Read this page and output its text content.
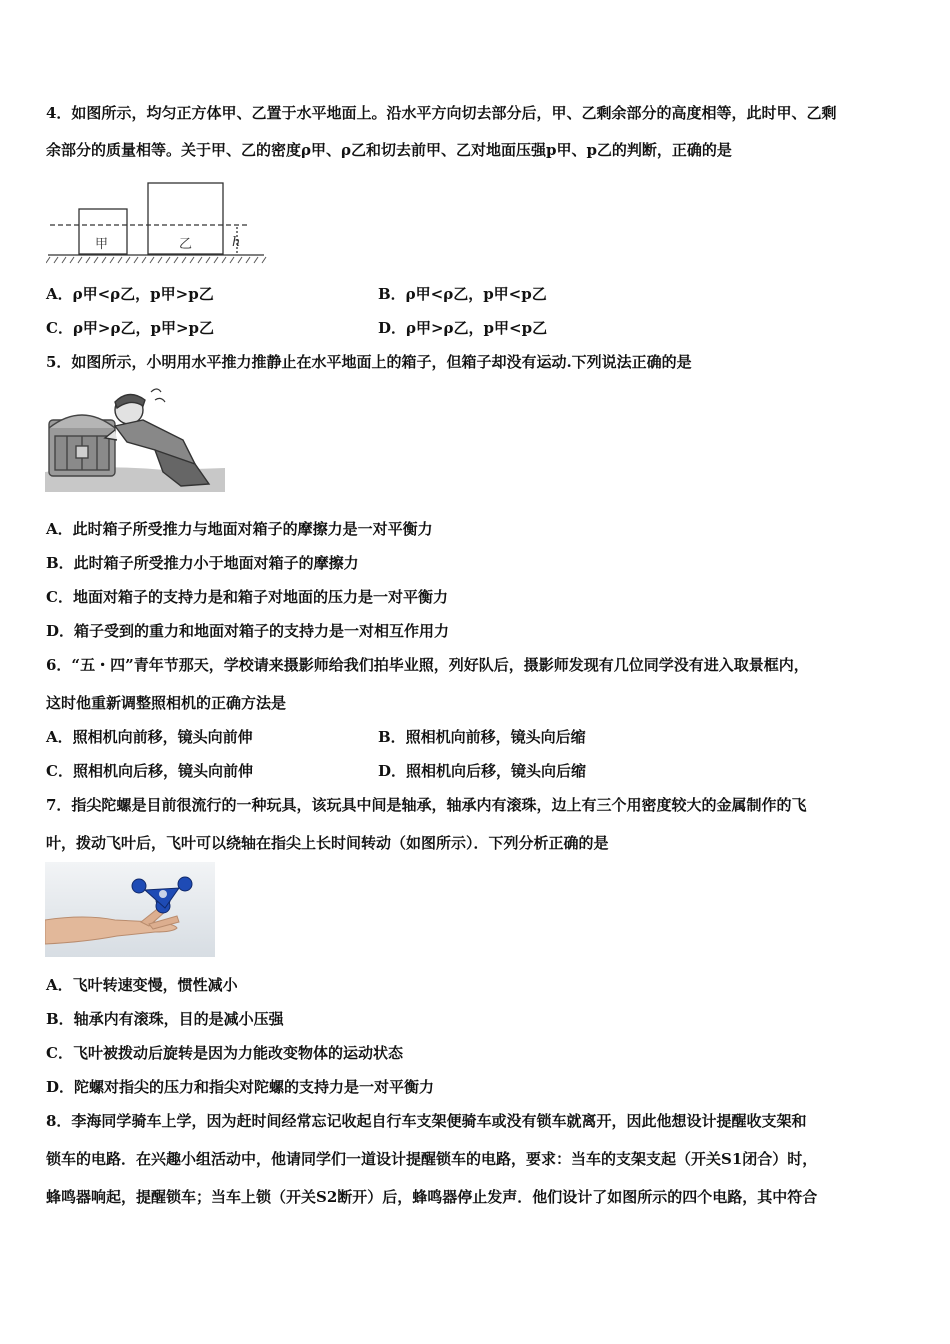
4．如图所示，均匀正方体甲、乙置于水平地面上。沿水平方向切去部分后，甲、乙剩余部分的高度相等，此时甲、乙剩
余部分的质量相等。关于甲、乙的密度ρ甲、ρ乙和切去前甲、乙对地面压强p甲、p乙的判断，正确的是
甲	乙	h
A．ρ甲<ρ乙，p甲>p乙	B．ρ甲<ρ乙，p甲<p乙
C．ρ甲>ρ乙，p甲>p乙	D．ρ甲>ρ乙，p甲<p乙
5．如图所示，小明用水平推力推静止在水平地面上的箱子，但箱子却没有运动.下列说法正确的是
A．此时箱子所受推力与地面对箱子的摩擦力是一对平衡力
B．此时箱子所受推力小于地面对箱子的摩擦力
C．地面对箱子的支持力是和箱子对地面的压力是一对平衡力
D．箱子受到的重力和地面对箱子的支持力是一对相互作用力
6．“五・四”青年节那天，学校请来摄影师给我们拍毕业照，列好队后，摄影师发现有几位同学没有进入取景框内，
这时他重新调整照相机的正确方法是
A．照相机向前移，镜头向前伸	B．照相机向前移，镜头向后缩
C．照相机向后移，镜头向前伸	D．照相机向后移，镜头向后缩
7．指尖陀螺是目前很流行的一种玩具，该玩具中间是轴承，轴承内有滚珠，边上有三个用密度较大的金属制作的飞
叶，拨动飞叶后，飞叶可以绕轴在指尖上长时间转动（如图所示）．下列分析正确的是
A．飞叶转速变慢，惯性减小
B．轴承内有滚珠，目的是减小压强
C．飞叶被拨动后旋转是因为力能改变物体的运动状态
D．陀螺对指尖的压力和指尖对陀螺的支持力是一对平衡力
8．李海同学骑车上学，因为赶时间经常忘记收起自行车支架便骑车或没有锁车就离开，因此他想设计提醒收支架和
锁车的电路．在兴趣小组活动中，他请同学们一道设计提醒锁车的电路，要求：当车的支架支起（开关S1闭合）时，
蜂鸣器响起，提醒锁车；当车上锁（开关S2断开）后，蜂鸣器停止发声．他们设计了如图所示的四个电路，其中符合
